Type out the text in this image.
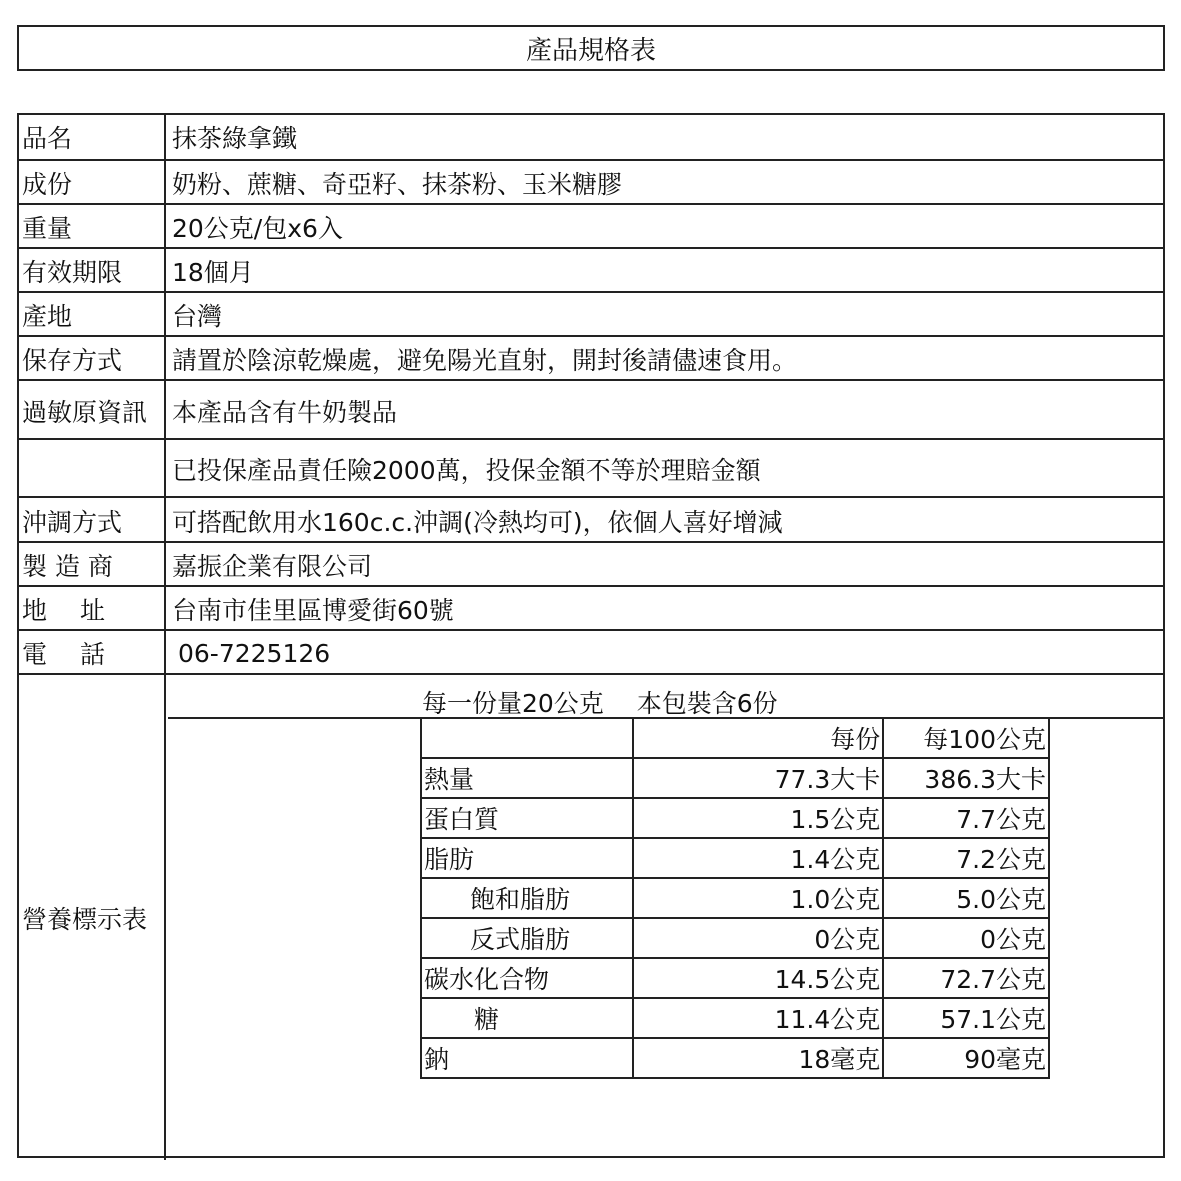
產品規格表
品名	抹茶綠拿鐵
成份	奶粉、蔗糖、奇亞籽、抹茶粉、玉米糖膠
重量	20公克/包x6入
有效期限	18個月
產地	台灣
保存方式	請置於陰涼乾燥處，避免陽光直射，開封後請儘速食用。
過敏原資訊 本產品含有牛奶製品
已投保產品責任險2000萬，投保金額不等於理賠金額
沖調方式	可搭配飲用水160c.c.沖調(冷熱均可)，依個人喜好增減
製 造 商	嘉振企業有限公司
地　 址	台南市佳里區博愛街60號
電　 話	06-7225126
營養標示表
每一份量20公克　 本包裝含6份
	每份	每100公克
熱量	77.3大卡	386.3大卡
蛋白質	1.5公克	7.7公克
脂肪	1.4公克	7.2公克
飽和脂肪	1.0公克	5.0公克
反式脂肪	0公克	0公克
碳水化合物	14.5公克	72.7公克
糖	11.4公克	57.1公克
鈉	18毫克	90毫克
